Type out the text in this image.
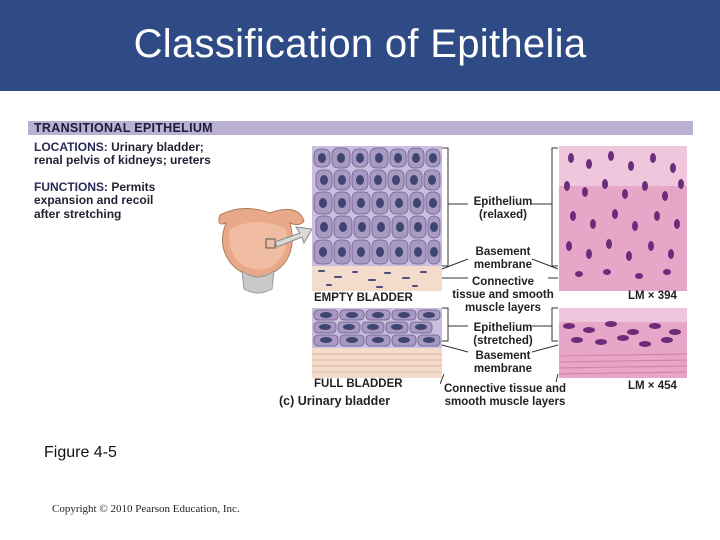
Classification of Epithelia
TRANSITIONAL EPITHELIUM
LOCATIONS: Urinary bladder;
renal pelvis of kidneys; ureters
FUNCTIONS: Permits
expansion and recoil
after stretching
EMPTY BLADDER
FULL BLADDER
(c) Urinary bladder
LM × 394
LM × 454
Epithelium
(relaxed)
Basement
membrane
Connective
tissue and smooth
muscle layers
Epithelium
(stretched)
Basement
membrane
Connective tissue and
smooth muscle layers
Figure 4-5
Copyright © 2010 Pearson Education, Inc.
